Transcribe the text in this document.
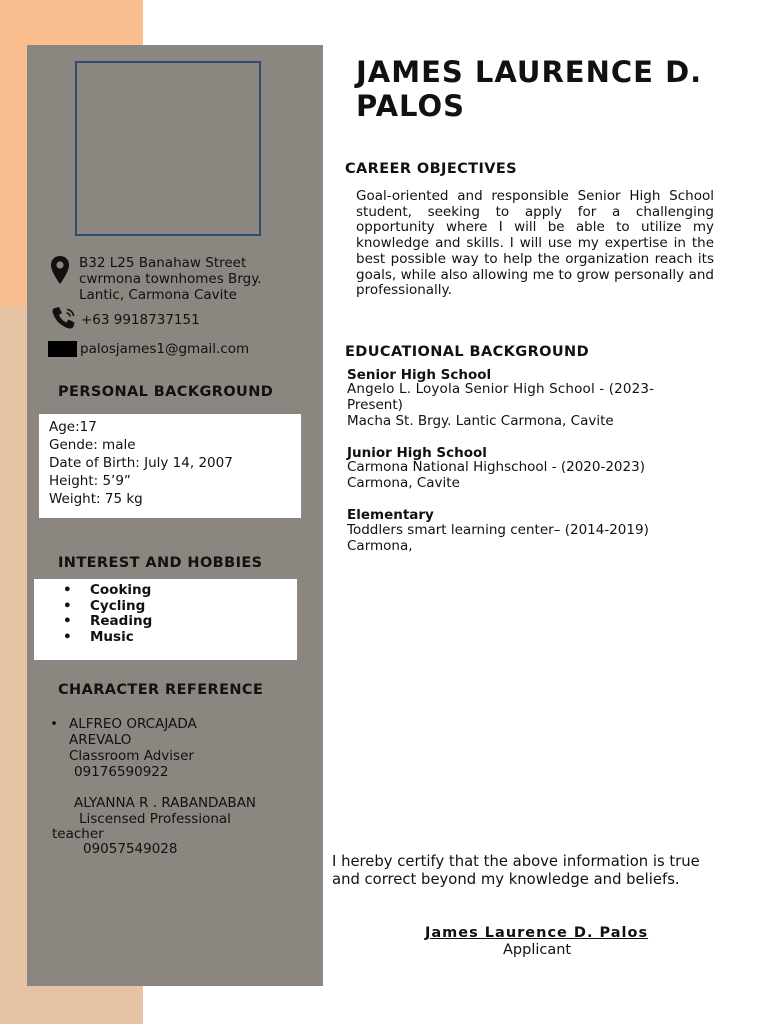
B32 L25 Banahaw Street
cwrmona townhomes Brgy.
Lantic, Carmona Cavite
+63 9918737151
palosjames1@gmail.com
PERSONAL BACKGROUND
Age:17
Gende: male
Date of Birth: July 14, 2007
Height: 5’9”
Weight: 75 kg
INTEREST AND HOBBIES
• Cooking
• Cycling
• Reading
• Music
CHARACTER REFERENCE
• ALFREO ORCAJADA
AREVALO
Classroom Adviser
09176590922
ALYANNA R . RABANDABAN
Liscensed Professional
teacher
09057549028
JAMES LAURENCE D.
PALOS
CAREER OBJECTIVES
Goal-oriented and responsible Senior High School student, seeking to apply for a challenging opportunity where I will be able to utilize my knowledge and skills. I will use my expertise in the best possible way to help the organization reach its goals, while also allowing me to grow personally and professionally.
EDUCATIONAL BACKGROUND
Senior High School
Angelo L. Loyola Senior High School - (2023-
Present)
Macha St. Brgy. Lantic Carmona, Cavite
Junior High School
Carmona National Highschool - (2020-2023)
Carmona, Cavite
Elementary
Toddlers smart learning center– (2014-2019)
Carmona,
I hereby certify that the above information is true
and correct beyond my knowledge and beliefs.
James Laurence D. Palos
Applicant
